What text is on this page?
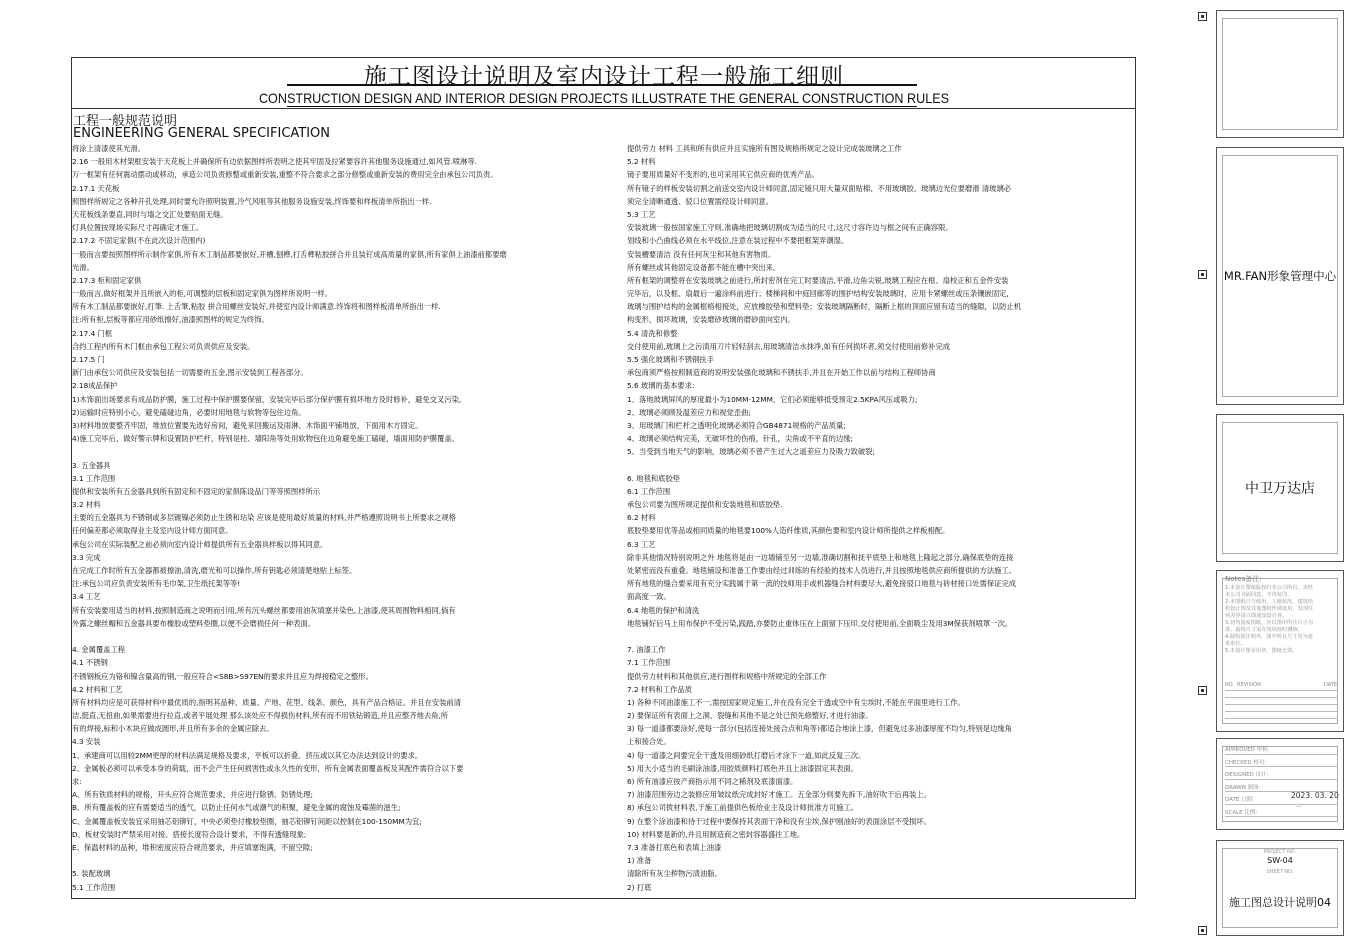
施工图设计说明及室内设计工程一般施工细则
CONSTRUCTION DESIGN AND INTERIOR DESIGN PROJECTS ILLUSTRATE THE GENERAL CONSTRUCTION RULES
工程一般规范说明
ENGINEERING GENERAL SPECIFICATION
将涂上清漆使其光滑。
2.16 一般用木材架框安装于天花板上并确保所有边依据图样所表明之使其牢固及拉紧要容许其他服务设施通过,如风管.喷淋等.
万一框架有任何震动摆动或移动，承造公司负责修整或重新安装,重整不符合要求之部分修整或重新安装的费用完全由承包公司负责。
2.17.1 天花板
照图样所规定之各种开孔处理,同时要允许照明装置,冷气风咀等其他服务设施安装,终饰要和样板清单所指出一样.
天花板线条要直,同时与墙之交汇处要贴面无缝。
灯具位置按现场实际尺寸再确定才施工。
2.17.2 不固定家俱(不在此次设计范围内)
一般而言要按照图样所示制作家俱,所有木工制品都要嵌好,开槽,刨榫,打舌榫粘胶拼合并且装钉成高质量的家俱,所有家俱上油漆前都要磨
光滑。
2.17.3 柜和固定家俱
一般而言,做好框架并且所嵌入的柜,可调整的层板和固定家俱为图样所说明一样。
所有木工制品都要嵌好,打筆. 上舌筆,粘胶 拼合用螺丝安装好,并使室内设计师满意.终饰将和图样板清单所指出一样.
注:所有柜,层板等都应用砂纸擦好,油漆照图样的规定为终饰。
2.17.4 门框
合约工程内所有木门框由承包工程公司负责供应及安装。
2.17.5 门
新门由承包公司供应及安装包括一切需要的五金,图示安装到工程各部分。
2.18成品保护
1)木饰面出场要求有成品防护膜，施工过程中保护膜要保留，安装完毕后部分保护膜有损坏地方及时修补，避免交叉污染。
2)运输时应特别小心，避免磕碰边角，必要时用地毯与软物等包住边角。
3)材料堆放要整齐牢固，堆放位置要先选好房间，避免来回搬运及雨淋、木饰面平铺堆放，下面用木方固定。
4)施工完毕后，做好警示牌和设置防护栏杆，特别是柱、墙阳角等处用软物包住边角避免施工磕碰，墙面用防护膜覆盖。
3. 五金器具
3.1 工作范围
提供和安装所有五金器具到所有固定和不固定的家俱陈设品门等等照图样所示
3.2 材料
主要的五金器具为不锈钢或多层镀镍必须防止生锈和玷染 应该是使用最好质量的材料,并严格遵照说明书上所要求之规格
任何偏差都必须取得业主及室内设计师方面同意。
承包公司在实际装配之前必须向室内设计师提供所有五金器具样板以得其同意。
3.3 完成
在完成工作时所有五金器都被擦油,清洗,磨光和可以操作,所有钥匙必须清楚地贴上标签。
注:承包公司应负责安装所有毛巾架,卫生纸托架等等!
3.4 工艺
所有安装要用适当的材料,按照制造商之说明而引用,所有沉头螺丝都要用油灰填塞并染色,上油漆,使其周围物料相同,倘有
外露之螺丝帽和五金器具要布橡胶或塑料垫圈,以便不会磨损任何一种表面。
4. 金属覆盖工程
4.1 不锈钢
不锈钢板应为铬和镍含量高的钢,一般应符合<S8B>S97EN的要求并且应为焊接稳定之整形。
4.2 材料和工艺
所有材料均应是可获得材料中最优质的,指明其品种、质量、产地、花型、线条、颜色，具有产品合格证。并且在安装前清
洁,挺直,无扭曲,如果需要进行拉直,或者平展处理 那么该处应不得损伤材料,所有而不用铁钻锻造,并且应整齐地去角,所
有的焊接,标和小木块应做成圆形,并且所有多余的金属应除去。
4.3 安装
1、承建商可以用较2MM更厚的材料法满足规格及要求，平板可以折叠、挤压或以其它办法达到设计的要求。
2、金属板必须可以承受本身的荷载，而不会产生任何损害性或永久性的变形，所有金属表面覆盖板及其配件需符合以下要
求:
A、所有铁质材料的规格，开头应符合规范要求，并应进行除锈、防锈处理;
B、所有覆盖板的应有需要适当的透气，以防止任何水气或潮气的积聚，避免金属的腐蚀及霉菌的滋生;
C、金属覆盖板安装宜采用抽芯铝铆钉，中央必须垫付橡胶垫圈，抽芯铝铆钉间距以控制在100-150MM为宜;
D、板材安装时严禁采用对接、搭接长度符合设计要求，不得有透缝现象;
E、保温材料的品种，堆积密度应符合规范要求，并应填塞饱满，不留空隙;
5. 装配玻璃
5.1 工作范围
提供劳力 材料 工具和所有供应并且实施所有图及规格所规定之设计完成装玻璃之工作
5.2 材料
镜子要用质量好不变形的,也可采用其它供应商的优秀产品。
所有镜子的样板安装切割之前送交室内设计师同意,固定镜只用大量双面贴棉、不用玻璃胶、玻璃边光位要磨滑 清玻璃必
须完全清晰通透、驳口位置需经设计师同意。
5.3 工艺
安装玻璃一般按国家施工守则,准确地把玻璃切割成为适当的尺寸,这尺寸容许边与框之间有正确容限。
划线和小凸曲线必须在水平线位,注意在装过程中不要把框架弄潮湿。
安装槽要清洁 没有任何灰尘和其他有害物质。
所有螺丝或其他固定设备都不能在槽中突出来。
所有框架的调整将在安装玻璃之前进行,所封密剂在完工时要清洁,平滑,边角尖锐,玻璃工程应在框、扇校正和五金件安装
完毕后，以及框、扇最后一遍涂料前进行；楼梯间和中庭回廊等的围护结构安装玻璃时，应用卡紧螺丝或压条镶嵌固定,
玻璃与围护结构的金属框格相接处，应放橡胶垫和塑料垫；安装玻璃隔断时，隔断上框的顶面应留有适当的缝隙，以防止机
构变形，损坏玻璃，安装磨砂玻璃的磨砂面向室内。
5.4 清洗和修整
交付使用前,玻璃上之污渍用刀片轻轻刮去,用玻璃清洁水抹净,如有任何损坏者,须交付使用前修补完成
5.5 强化玻璃和不锈钢扶手
承包商须严格按照制造商的说明安装强化玻璃和不锈扶手,并且在开始工作以前与结构工程师协商
5.6 玻璃的基本要求:
1、落地玻璃屏风的厚度最小为10MM-12MM，它们必须能够抵受预定2.5KPA风压或吸力;
2、玻璃必须顾及温差应力和视觉歪曲;
3、用玻璃门和栏杆之透明化玻璃必须符合GB4871规格的产品质量;
4、玻璃必须结构完美，无破坏性的伤痕，针孔，尖角或不平直的边缘;
5、当受到当地天气的影响，玻璃必须不曾产生过大之遥差应力及吸力致破裂;
6. 地毯和底胶垫
6.1 工作范围
承包公司要为图所规定提供和安装地毯和底胶垫.
6.2 材料
底胶垫要用优等品或相同质量的地毯要100%人造纤维质,其颜色要和室内设计师所提供之样板相配。
6.3 工艺
除非其他情况特别说明之外 地毯将是由一边墙铺至另一边墙,准确切割和抚平底垫上和地毯上隆起之部分,确保底垫的连接
处紧密而没有重叠。地毯铺设和准备工作要由经过训练的有经验的技术人员进行,并且按照地毯供应商所提供的方法施工。
所有地毯的缝合要采用有充分实践属于第一流的技师用手或机器缝合材料要尽大,避免接驳口地毯与砖材接口处需保证完成
面高度一致。
6.4 地毯的保护和清洗
地毯铺好后马上用布保护不受污染,践踏,亦要防止重体压在上面留下压印,交付使用前,全面吸尘及用3M保获剂喷罩一次。
7. 油漆工作
7.1 工作范围
提供劳力材料和其他供应,进行图样和规格中所规定的全部工作
7.2 材料和工作品质
1) 各种不同油漆施工不一,需按国家规定施工,并在没有完全干透或空中有尘埃时,不能在平面里进行工作。
2) 要保证所有表面上之洞、裂缝和其他不是之处已预先修整好,才进行油漆。
3) 每一道漆都要涂好,使每一部分(包括连接处接合点和角等)都适合地涂上漆，但避免过多油漆厚度不均匀,特别是边缘角
上和接合处。
4) 每一道漆之间要完全干透及用细砂纸打磨后才涂下一道,如此反复三次。
5) 用大小适当的毛刷涂油漆,用胶质颜料打底色并且上油漆固定其表面。
6) 所有油漆应按产商指示用不同之稀剂及底漆面漆。
7) 油漆范围旁边之装修应用皱纹纸完成封好才施工。五金部分则要先拆下,油好吹干后再装上。
8) 承包公司拨材料表,于施工前提供色板给业主及设计师批准方可施工。
9) 在整个涂油漆和待干过程中要保持其表面干净和没有尘埃,保护刚油好的表面涂层不受损坏。
10) 材料要是新的,并且用制造商之密封容器盛往工地。
7.3 准备打底色和表填上油漆
1) 准备
清除所有灰尘秽物污渍油脂。
2) 打底
MR.FAN形象管理中心
中卫万达店
Notes备注:
1.本设计图纸版权归本公司所有，未经
本公司书面同意，不得复印。
2.本图纸只与使用，工地状况，建筑结
构设计图及其他图纸作调处用，发现任
何差异请立即通知设计者。
3.切勿量度图纸，应以图中所注尺寸为
准，最终尺寸需在现场按时测核。
4.除特别注明外，图中所有尺寸均为毫
米单位。
5.本设计图专用章，图纸无效。
NO. REVISION	DATE
APPROVED 审核:
CHECKED 校对:
DESIGNED 设计:
DRAWN 制图:
DATE 日期:	2023. 03. 20
SCALE 比例:
—
PROJECT NO.
SW-04
SHEET NO.
施工图总设计说明04
